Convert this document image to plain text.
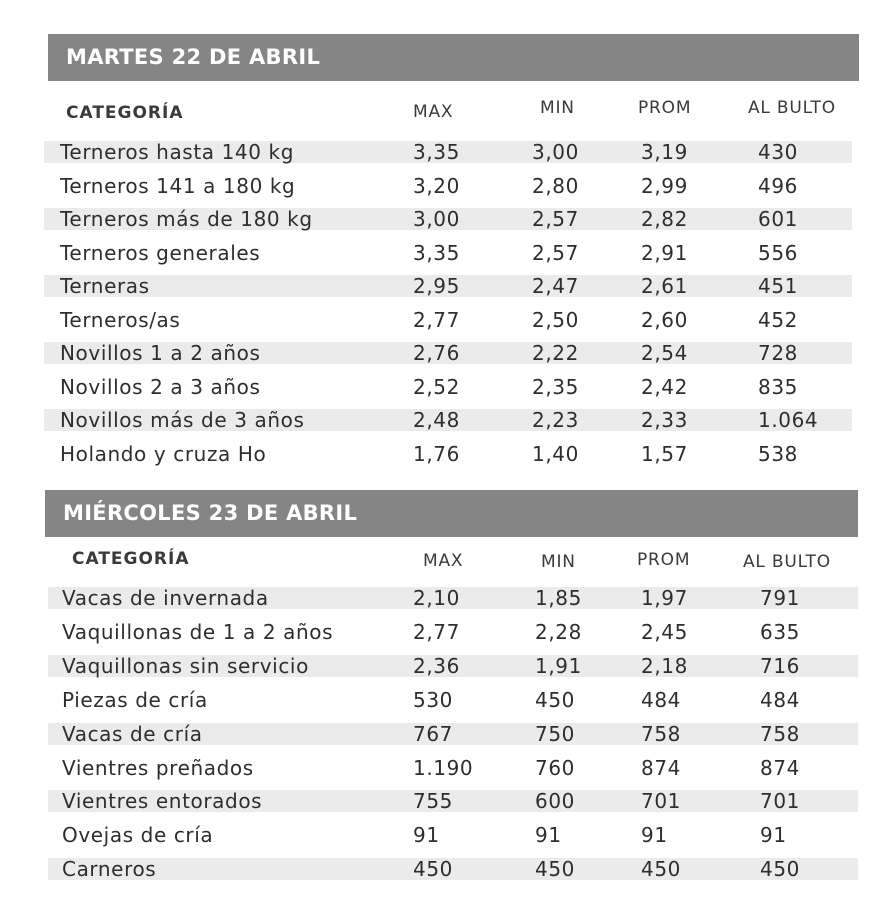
MARTES 22 DE ABRIL
CATEGORÍA	MAX	MIN	PROM	AL BULTO
Terneros hasta 140 kg	3,35	3,00	3,19	430
Terneros 141 a 180 kg	3,20	2,80	2,99	496
Terneros más de 180 kg	3,00	2,57	2,82	601
Terneros generales	3,35	2,57	2,91	556
Terneras	2,95	2,47	2,61	451
Terneros/as	2,77	2,50	2,60	452
Novillos 1 a 2 años	2,76	2,22	2,54	728
Novillos 2 a 3 años	2,52	2,35	2,42	835
Novillos más de 3 años	2,48	2,23	2,33	1.064
Holando y cruza Ho	1,76	1,40	1,57	538
MIÉRCOLES 23 DE ABRIL
CATEGORÍA	MAX	MIN	PROM	AL BULTO
Vacas de invernada	2,10	1,85	1,97	791
Vaquillonas de 1 a 2 años	2,77	2,28	2,45	635
Vaquillonas sin servicio	2,36	1,91	2,18	716
Piezas de cría	530	450	484	484
Vacas de cría	767	750	758	758
Vientres preñados	1.190	760	874	874
Vientres entorados	755	600	701	701
Ovejas de cría	91	91	91	91
Carneros	450	450	450	450
